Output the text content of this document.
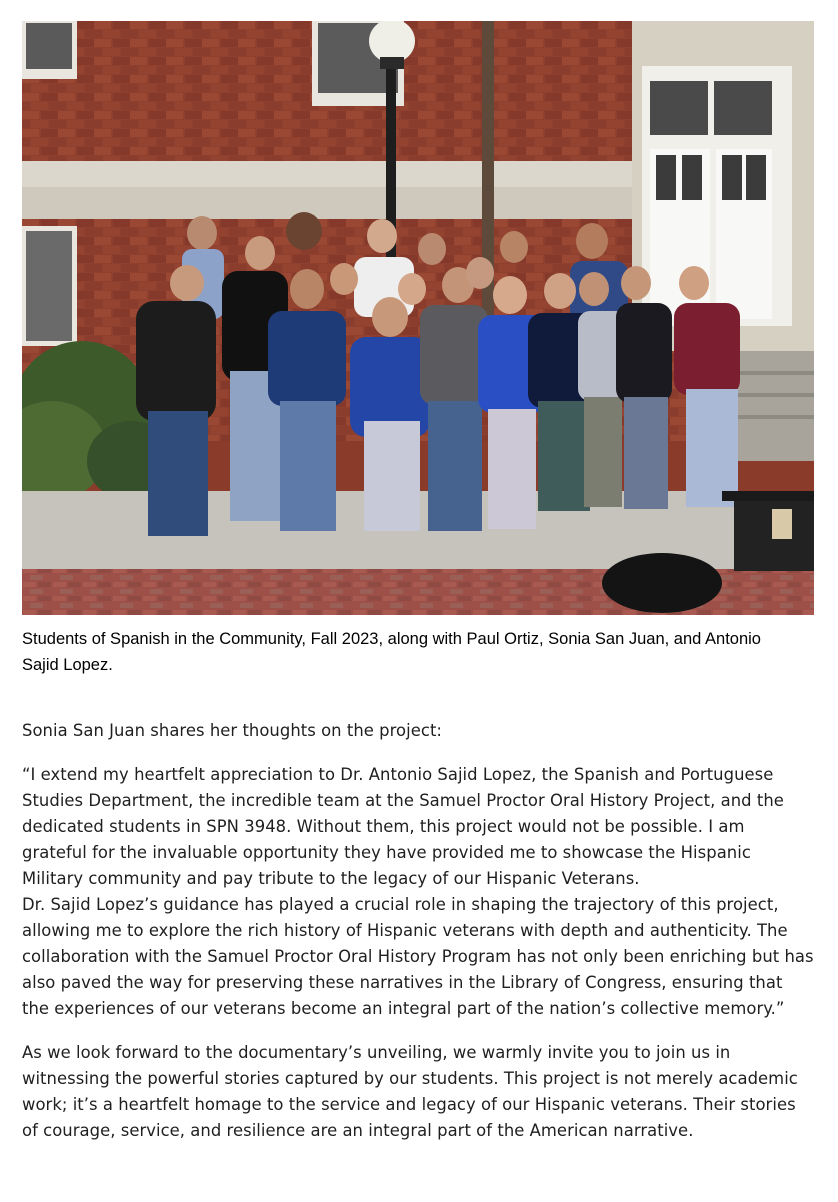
Students of Spanish in the Community, Fall 2023, along with Paul Ortiz, Sonia San Juan, and Antonio Sajid Lopez.

Sonia San Juan shares her thoughts on the project:

“I extend my heartfelt appreciation to Dr. Antonio Sajid Lopez, the Spanish and Portuguese Studies Department, the incredible team at the Samuel Proctor Oral History Project, and the dedicated students in SPN 3948. Without them, this project would not be possible. I am grateful for the invaluable opportunity they have provided me to showcase the Hispanic Military community and pay tribute to the legacy of our Hispanic Veterans.

Dr. Sajid Lopez’s guidance has played a crucial role in shaping the trajectory of this project, allowing me to explore the rich history of Hispanic veterans with depth and authenticity. The collaboration with the Samuel Proctor Oral History Program has not only been enriching but has also paved the way for preserving these narratives in the Library of Congress, ensuring that the experiences of our veterans become an integral part of the nation’s collective memory.”

As we look forward to the documentary’s unveiling, we warmly invite you to join us in witnessing the powerful stories captured by our students. This project is not merely academic work; it’s a heartfelt homage to the service and legacy of our Hispanic veterans. Their stories of courage, service, and resilience are an integral part of the American narrative.
